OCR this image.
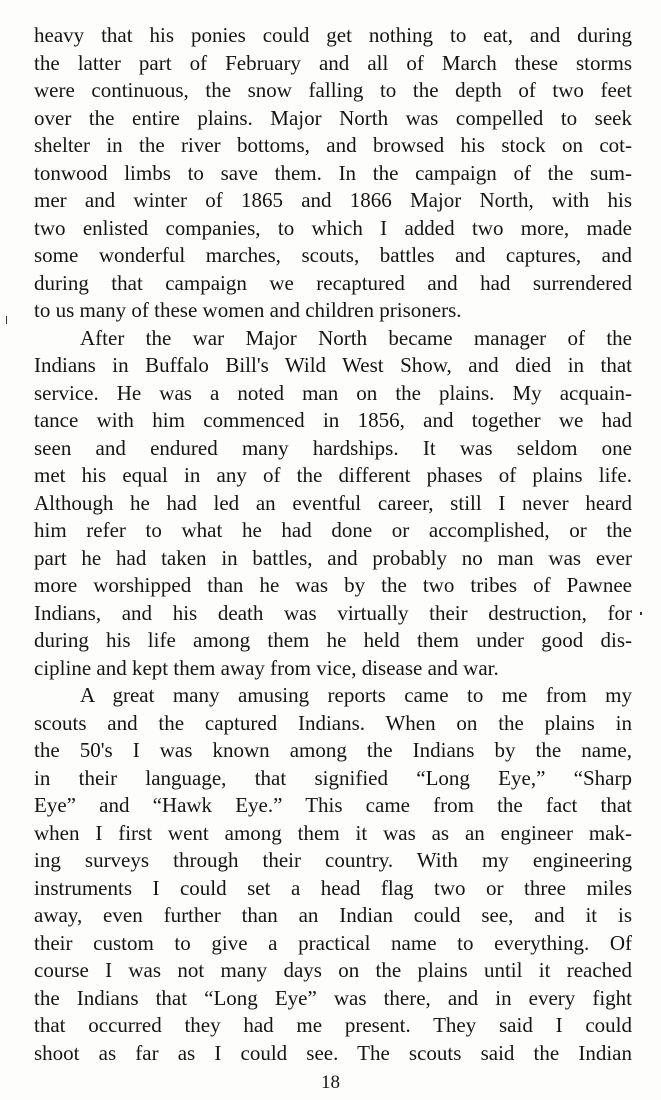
heavy that his ponies could get nothing to eat, and during
the latter part of February and all of March these storms
were continuous, the snow falling to the depth of two feet
over the entire plains. Major North was compelled to seek
shelter in the river bottoms, and browsed his stock on cot-
tonwood limbs to save them. In the campaign of the sum-
mer and winter of 1865 and 1866 Major North, with his
two enlisted companies, to which I added two more, made
some wonderful marches, scouts, battles and captures, and
during that campaign we recaptured and had surrendered
to us many of these women and children prisoners.
After the war Major North became manager of the
Indians in Buffalo Bill's Wild West Show, and died in that
service. He was a noted man on the plains. My acquain-
tance with him commenced in 1856, and together we had
seen and endured many hardships. It was seldom one
met his equal in any of the different phases of plains life.
Although he had led an eventful career, still I never heard
him refer to what he had done or accomplished, or the
part he had taken in battles, and probably no man was ever
more worshipped than he was by the two tribes of Pawnee
Indians, and his death was virtually their destruction, for
during his life among them he held them under good dis-
cipline and kept them away from vice, disease and war.
A great many amusing reports came to me from my
scouts and the captured Indians. When on the plains in
the 50's I was known among the Indians by the name,
in their language, that signified “Long Eye,” “Sharp
Eye” and “Hawk Eye.” This came from the fact that
when I first went among them it was as an engineer mak-
ing surveys through their country. With my engineering
instruments I could set a head flag two or three miles
away, even further than an Indian could see, and it is
their custom to give a practical name to everything. Of
course I was not many days on the plains until it reached
the Indians that “Long Eye” was there, and in every fight
that occurred they had me present. They said I could
shoot as far as I could see. The scouts said the Indian
18
